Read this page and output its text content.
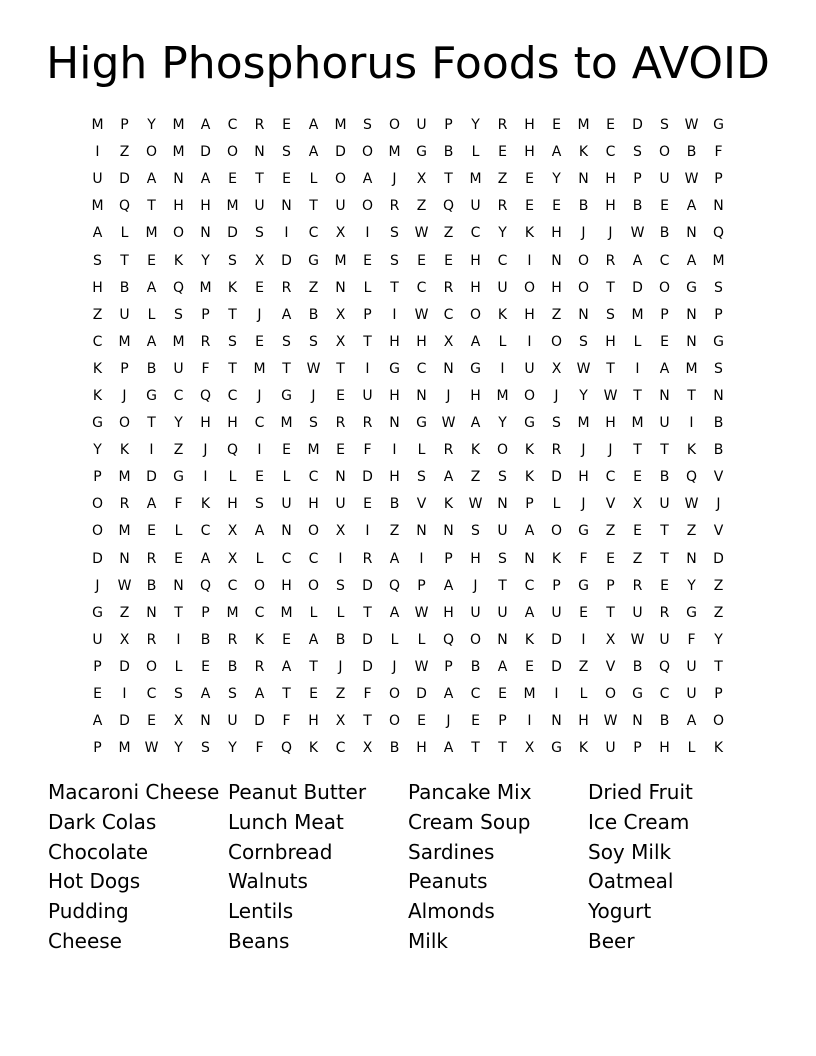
High Phosphorus Foods to AVOID
M	P	Y	M	A	C	R	E	A	M	S	O	U	P	Y	R	H	E	M	E	D	S	W	G
I	Z	O	M	D	O	N	S	A	D	O	M	G	B	L	E	H	A	K	C	S	O	B	F
U	D	A	N	A	E	T	E	L	O	A	J	X	T	M	Z	E	Y	N	H	P	U	W	P
M	Q	T	H	H	M	U	N	T	U	O	R	Z	Q	U	R	E	E	B	H	B	E	A	N
A	L	M	O	N	D	S	I	C	X	I	S	W	Z	C	Y	K	H	J	J	W	B	N	Q
S	T	E	K	Y	S	X	D	G	M	E	S	E	E	H	C	I	N	O	R	A	C	A	M
H	B	A	Q	M	K	E	R	Z	N	L	T	C	R	H	U	O	H	O	T	D	O	G	S
Z	U	L	S	P	T	J	A	B	X	P	I	W	C	O	K	H	Z	N	S	M	P	N	P
C	M	A	M	R	S	E	S	S	X	T	H	H	X	A	L	I	O	S	H	L	E	N	G
K	P	B	U	F	T	M	T	W	T	I	G	C	N	G	I	U	X	W	T	I	A	M	S
K	J	G	C	Q	C	J	G	J	E	U	H	N	J	H	M	O	J	Y	W	T	N	T	N
G	O	T	Y	H	H	C	M	S	R	R	N	G	W	A	Y	G	S	M	H	M	U	I	B
Y	K	I	Z	J	Q	I	E	M	E	F	I	L	R	K	O	K	R	J	J	T	T	K	B
P	M	D	G	I	L	E	L	C	N	D	H	S	A	Z	S	K	D	H	C	E	B	Q	V
O	R	A	F	K	H	S	U	H	U	E	B	V	K	W	N	P	L	J	V	X	U	W	J
O	M	E	L	C	X	A	N	O	X	I	Z	N	N	S	U	A	O	G	Z	E	T	Z	V
D	N	R	E	A	X	L	C	C	I	R	A	I	P	H	S	N	K	F	E	Z	T	N	D
J	W	B	N	Q	C	O	H	O	S	D	Q	P	A	J	T	C	P	G	P	R	E	Y	Z
G	Z	N	T	P	M	C	M	L	L	T	A	W	H	U	U	A	U	E	T	U	R	G	Z
U	X	R	I	B	R	K	E	A	B	D	L	L	Q	O	N	K	D	I	X	W	U	F	Y
P	D	O	L	E	B	R	A	T	J	D	J	W	P	B	A	E	D	Z	V	B	Q	U	T
E	I	C	S	A	S	A	T	E	Z	F	O	D	A	C	E	M	I	L	O	G	C	U	P
A	D	E	X	N	U	D	F	H	X	T	O	E	J	E	P	I	N	H	W	N	B	A	O
P	M	W	Y	S	Y	F	Q	K	C	X	B	H	A	T	T	X	G	K	U	P	H	L	K
Macaroni Cheese
Dark Colas
Chocolate
Hot Dogs
Pudding
Cheese
Peanut Butter
Lunch Meat
Cornbread
Walnuts
Lentils
Beans
Pancake Mix
Cream Soup
Sardines
Peanuts
Almonds
Milk
Dried Fruit
Ice Cream
Soy Milk
Oatmeal
Yogurt
Beer
